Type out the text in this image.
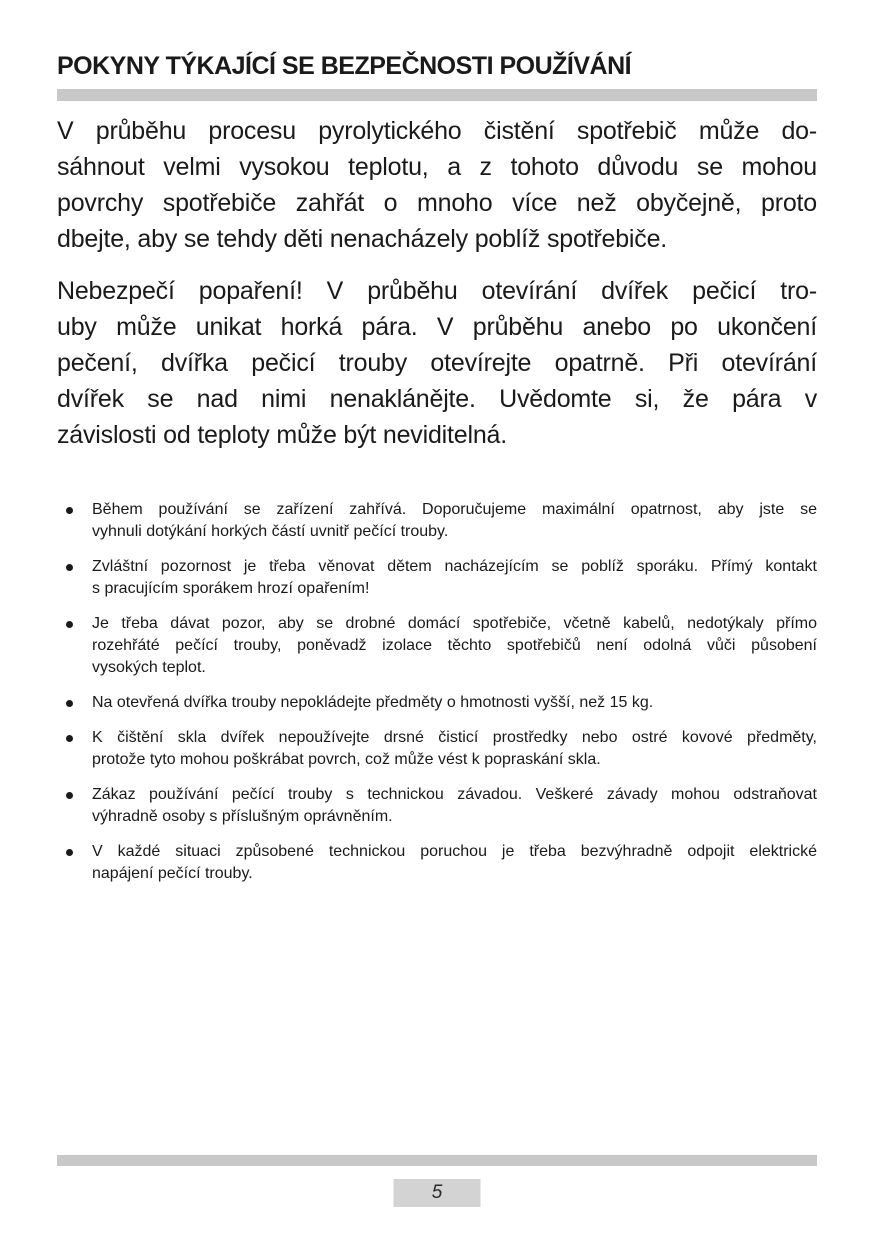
POKYNY TÝKAJÍCÍ SE BEZPEČNOSTI POUŽÍVÁNÍ
V průběhu procesu pyrolytického čistění spotřebič může do-
sáhnout velmi vysokou teplotu, a z tohoto důvodu se mohou
povrchy spotřebiče zahřát o mnoho více než obyčejně, proto
dbejte, aby se tehdy děti nenacházely poblíž spotřebiče.
Nebezpečí popaření! V průběhu otevírání dvířek pečicí tro-
uby může unikat horká pára. V průběhu anebo po ukončení
pečení, dvířka pečicí trouby otevírejte opatrně. Při otevírání
dvířek se nad nimi nenaklánějte. Uvědomte si, že pára v
závislosti od teploty může být neviditelná.
Během používání se zařízení zahřívá. Doporučujeme maximální opatrnost, aby jste se
vyhnuli dotýkání horkých částí uvnitř pečící trouby.
Zvláštní pozornost je třeba věnovat dětem nacházejícím se poblíž sporáku. Přímý kontakt
s pracujícím sporákem hrozí opařením!
Je třeba dávat pozor, aby se drobné domácí spotřebiče, včetně kabelů, nedotýkaly přímo
rozehřáté pečící trouby, poněvadž izolace těchto spotřebičů není odolná vůči působení
vysokých teplot.
Na otevřená dvířka trouby nepokládejte předměty o hmotnosti vyšší, než 15 kg.
K čištění skla dvířek nepoužívejte drsné čisticí prostředky nebo ostré kovové předměty,
protože tyto mohou poškrábat povrch, což může vést k popraskání skla.
Zákaz používání pečící trouby s technickou závadou. Veškeré závady mohou odstraňovat
výhradně osoby s příslušným oprávněním.
V každé situaci způsobené technickou poruchou je třeba bezvýhradně odpojit elektrické
napájení pečící trouby.
5
